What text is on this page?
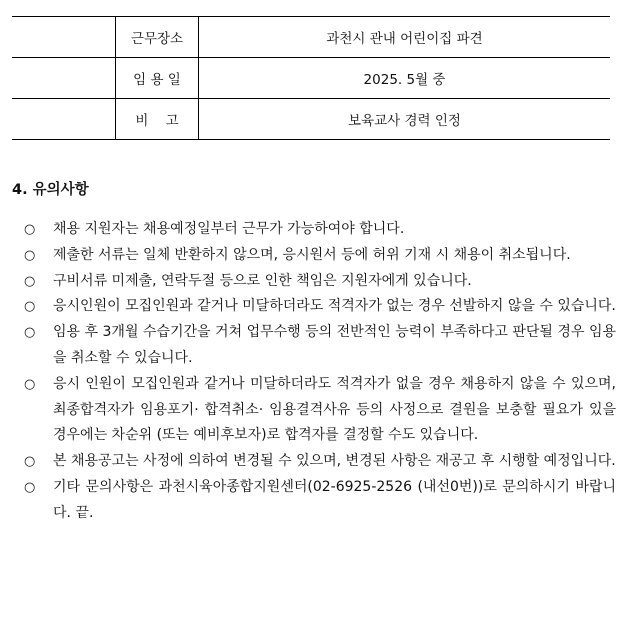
	근무장소	과천시 관내 어린이집 파견
	임 용 일	2025. 5월 중
	비    고	보육교사 경력 인정
4. 유의사항
○ 채용 지원자는 채용예정일부터 근무가 가능하여야 합니다.
○ 제출한 서류는 일체 반환하지 않으며, 응시원서 등에 허위 기재 시 채용이 취소됩니다.
○ 구비서류 미제출, 연락두절 등으로 인한 책임은 지원자에게 있습니다.
○ 응시인원이 모집인원과 같거나 미달하더라도 적격자가 없는 경우 선발하지 않을 수 있습니다.
○ 임용 후 3개월 수습기간을 거쳐 업무수행 등의 전반적인 능력이 부족하다고 판단될 경우 임용을 취소할 수 있습니다.
○ 응시 인원이 모집인원과 같거나 미달하더라도 적격자가 없을 경우 채용하지 않을 수 있으며, 최종합격자가 임용포기· 합격취소· 임용결격사유 등의 사정으로 결원을 보충할 필요가 있을 경우에는 차순위 (또는 예비후보자)로 합격자를 결정할 수도 있습니다.
○ 본 채용공고는 사정에 의하여 변경될 수 있으며, 변경된 사항은 재공고 후 시행할 예정입니다.
○ 기타 문의사항은 과천시육아종합지원센터(02-6925-2526 (내선0번))로 문의하시기 바랍니다. 끝.
